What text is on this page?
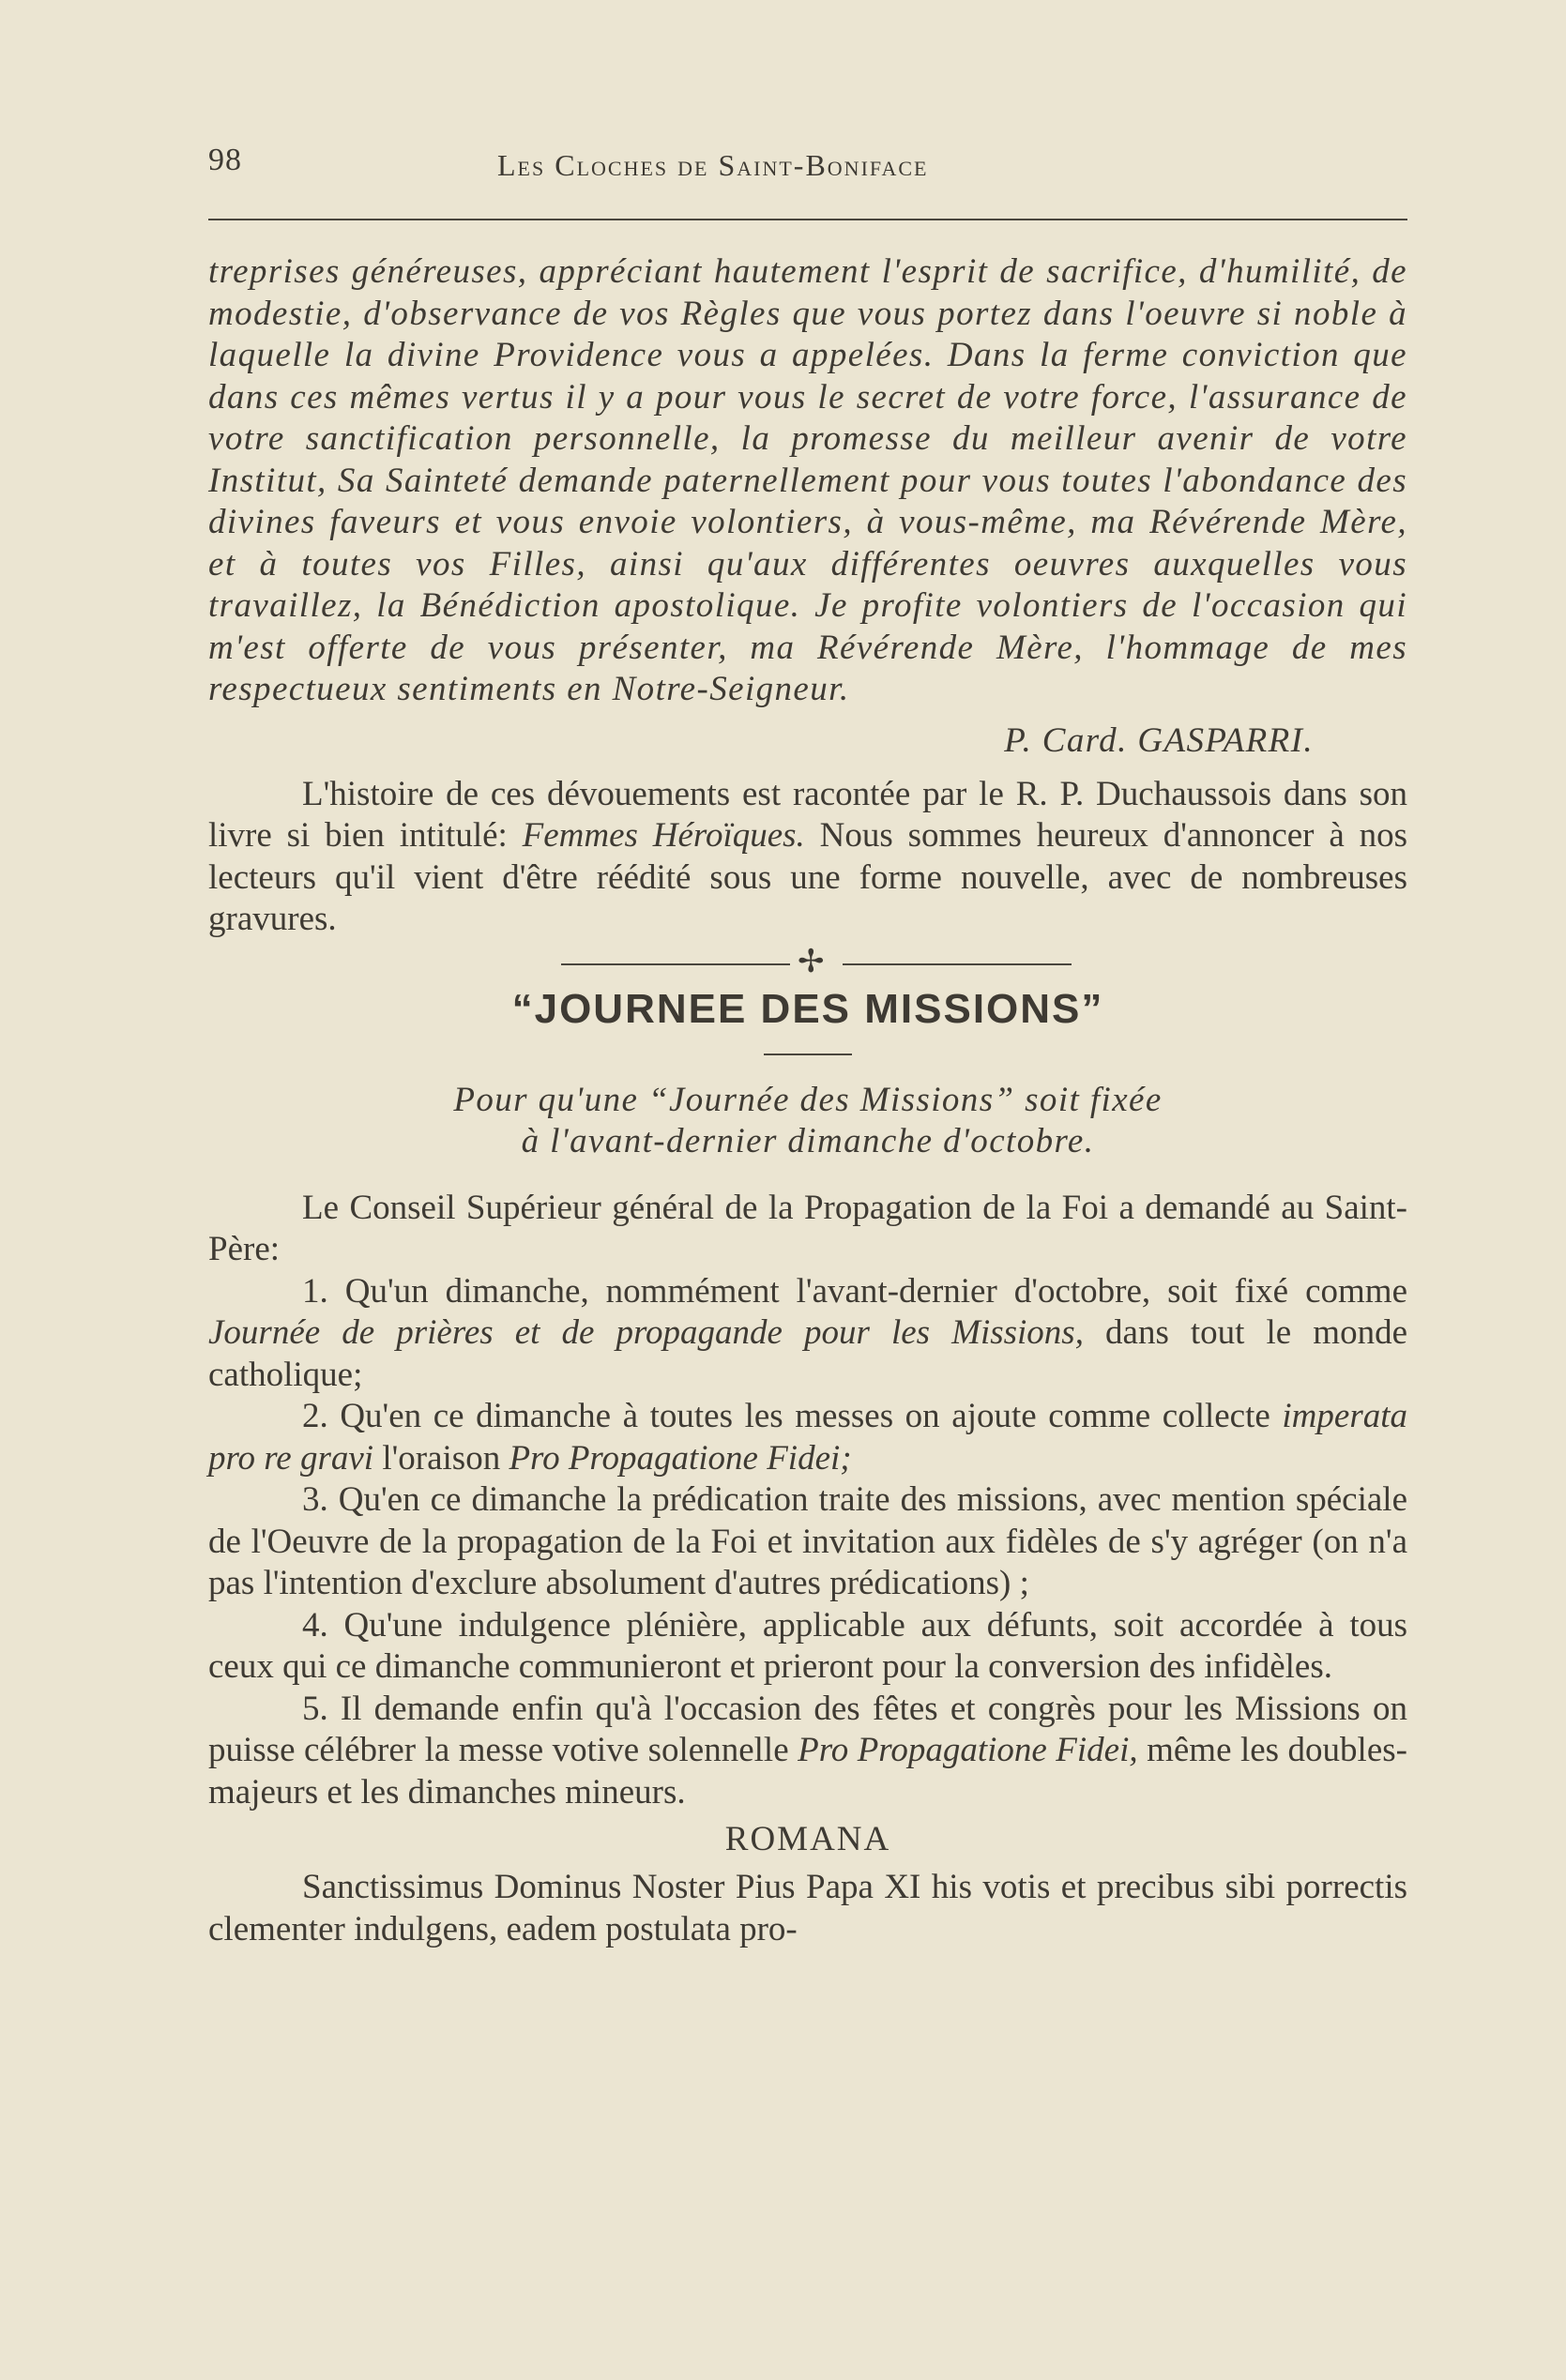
98	Les Cloches de Saint-Boniface
treprises généreuses, appréciant hautement l'esprit de sacrifice, d'humilité, de modestie, d'observance de vos Règles que vous portez dans l'oeuvre si noble à laquelle la divine Providence vous a appelées. Dans la ferme conviction que dans ces mêmes vertus il y a pour vous le secret de votre force, l'assurance de votre sanctification personnelle, la promesse du meilleur avenir de votre Institut, Sa Sainteté demande paternellement pour vous toutes l'abondance des divines faveurs et vous envoie volontiers, à vous-même, ma Révérende Mère, et à toutes vos Filles, ainsi qu'aux différentes oeuvres auxquelles vous travaillez, la Bénédiction apostolique. Je profite volontiers de l'occasion qui m'est offerte de vous présenter, ma Révérende Mère, l'hommage de mes respectueux sentiments en Notre-Seigneur.
P. Card. GASPARRI.

L'histoire de ces dévouements est racontée par le R. P. Duchaussois dans son livre si bien intitulé: Femmes Héroïques. Nous sommes heureux d'annoncer à nos lecteurs qu'il vient d'être réédité sous une forme nouvelle, avec de nombreuses gravures.

✢
“JOURNEE DES MISSIONS”
Pour qu'une “Journée des Missions” soit fixée
à l'avant-dernier dimanche d'octobre.

Le Conseil Supérieur général de la Propagation de la Foi a demandé au Saint-Père:

1. Qu'un dimanche, nommément l'avant-dernier d'octobre, soit fixé comme Journée de prières et de propagande pour les Missions, dans tout le monde catholique;

2. Qu'en ce dimanche à toutes les messes on ajoute comme collecte imperata pro re gravi l'oraison Pro Propagatione Fidei;

3. Qu'en ce dimanche la prédication traite des missions, avec mention spéciale de l'Oeuvre de la propagation de la Foi et invitation aux fidèles de s'y agréger (on n'a pas l'intention d'exclure absolument d'autres prédications) ;

4. Qu'une indulgence plénière, applicable aux défunts, soit accordée à tous ceux qui ce dimanche communieront et prieront pour la conversion des infidèles.

5. Il demande enfin qu'à l'occasion des fêtes et congrès pour les Missions on puisse célébrer la messe votive solennelle Pro Propagatione Fidei, même les doubles-majeurs et les dimanches mineurs.

ROMANA

Sanctissimus Dominus Noster Pius Papa XI his votis et precibus sibi porrectis clementer indulgens, eadem postulata pro-
